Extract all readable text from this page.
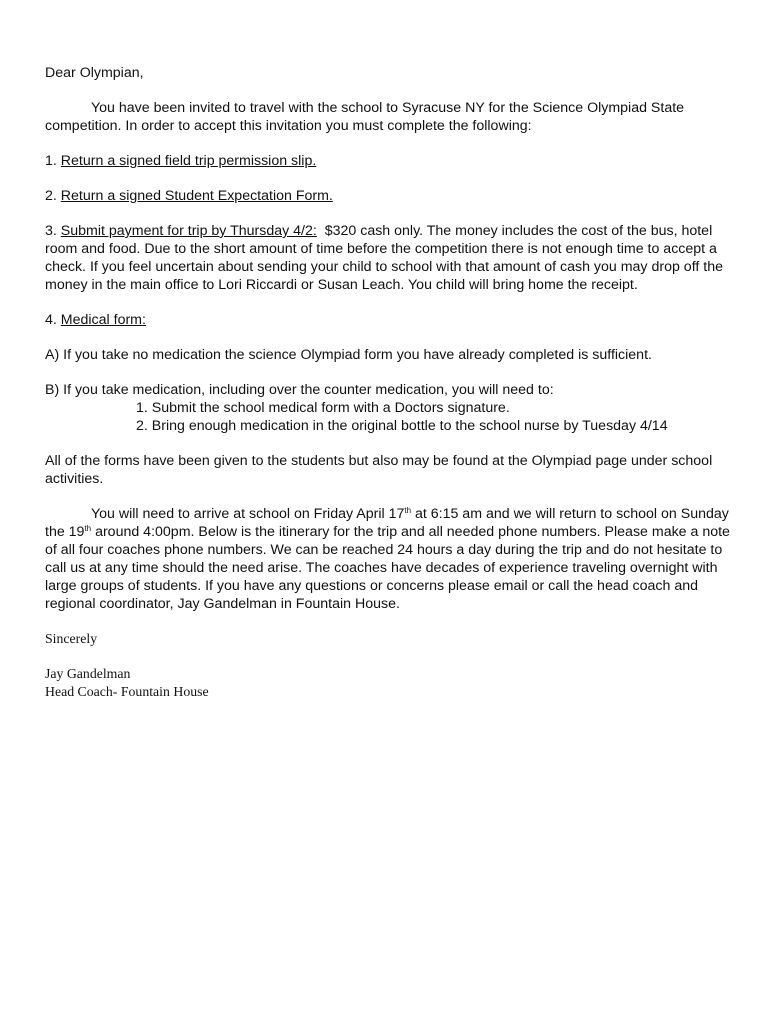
Dear Olympian,

You have been invited to travel with the school to Syracuse NY for the Science Olympiad State competition. In order to accept this invitation you must complete the following:

1. Return a signed field trip permission slip.

2. Return a signed Student Expectation Form.

3. Submit payment for trip by Thursday 4/2: $320 cash only. The money includes the cost of the bus, hotel room and food. Due to the short amount of time before the competition there is not enough time to accept a check. If you feel uncertain about sending your child to school with that amount of cash you may drop off the money in the main office to Lori Riccardi or Susan Leach. You child will bring home the receipt.

4. Medical form:

A) If you take no medication the science Olympiad form you have already completed is sufficient.

B) If you take medication, including over the counter medication, you will need to:
1. Submit the school medical form with a Doctors signature.
2. Bring enough medication in the original bottle to the school nurse by Tuesday 4/14

All of the forms have been given to the students but also may be found at the Olympiad page under school activities.

You will need to arrive at school on Friday April 17th at 6:15 am and we will return to school on Sunday the 19th around 4:00pm. Below is the itinerary for the trip and all needed phone numbers. Please make a note of all four coaches phone numbers. We can be reached 24 hours a day during the trip and do not hesitate to call us at any time should the need arise. The coaches have decades of experience traveling overnight with large groups of students. If you have any questions or concerns please email or call the head coach and regional coordinator, Jay Gandelman in Fountain House.

Sincerely

Jay Gandelman
Head Coach- Fountain House
